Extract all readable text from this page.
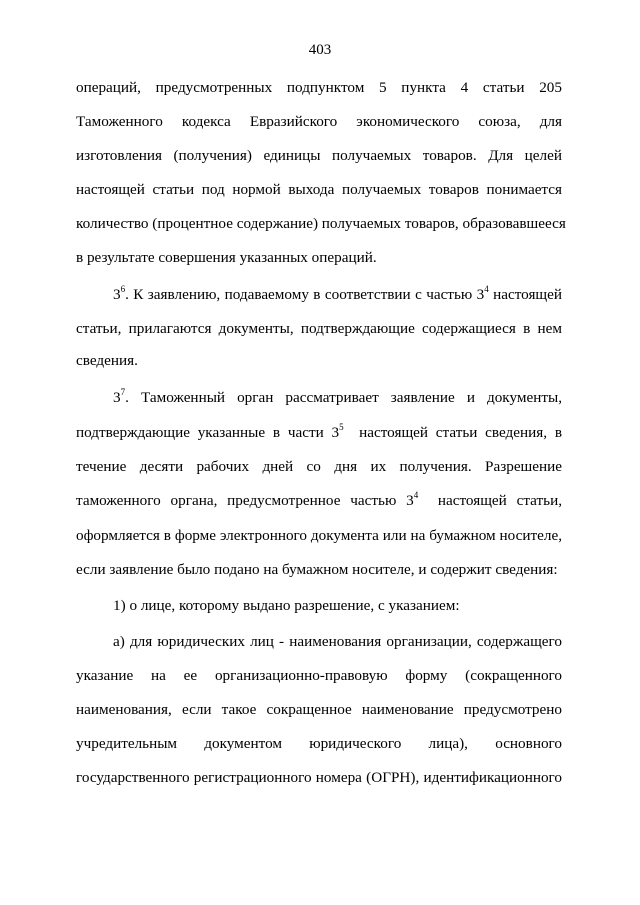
403
операций, предусмотренных подпунктом 5 пункта 4 статьи 205
Таможенного кодекса Евразийского экономического союза, для
изготовления (получения) единицы получаемых товаров. Для целей
настоящей статьи под нормой выхода получаемых товаров понимается
количество (процентное содержание) получаемых товаров, образовавшееся
в результате совершения указанных операций.
$3^6$. К заявлению, подаваемому в соответствии с частью $3^4$ настоящей
статьи, прилагаются документы, подтверждающие содержащиеся в нем
сведения.
$3^7$. Таможенный орган рассматривает заявление и документы,
подтверждающие указанные в части $3^5$ настоящей статьи сведения, в
течение десяти рабочих дней со дня их получения. Разрешение
таможенного органа, предусмотренное частью $3^4$ настоящей статьи,
оформляется в форме электронного документа или на бумажном носителе,
если заявление было подано на бумажном носителе, и содержит сведения:
1) о лице, которому выдано разрешение, с указанием:
а) для юридических лиц - наименования организации, содержащего
указание на ее организационно-правовую форму (сокращенного
наименования, если такое сокращенное наименование предусмотрено
учредительным документом юридического лица), основного
государственного регистрационного номера (ОГРН), идентификационного
